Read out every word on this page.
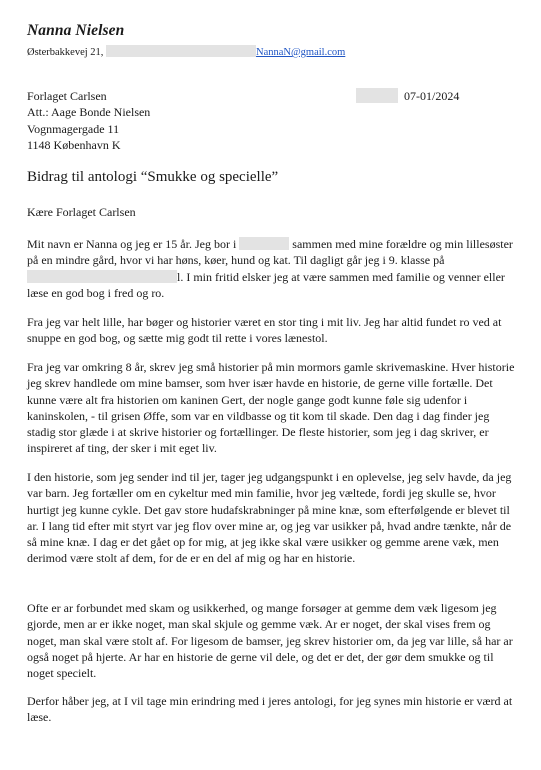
Nanna Nielsen
Østerbakkevej 21,	NannaN@gmail.com
Forlaget Carlsen
Att.: Aage Bonde Nielsen
Vognmagergade 11
1148 København K
07-01/2024
Bidrag til antologi “Smukke og specielle”
Kære Forlaget Carlsen

Mit navn er Nanna og jeg er 15 år. Jeg bor i	sammen med mine forældre og min lillesøster på en mindre gård, hvor vi har høns, køer, hund og kat. Til dagligt går jeg i 9. klasse på l. I min fritid elsker jeg at være sammen med familie og venner eller læse en god bog i fred og ro.

Fra jeg var helt lille, har bøger og historier været en stor ting i mit liv. Jeg har altid fundet ro ved at snuppe en god bog, og sætte mig godt til rette i vores lænestol.

Fra jeg var omkring 8 år, skrev jeg små historier på min mormors gamle skrivemaskine. Hver historie jeg skrev handlede om mine bamser, som hver især havde en historie, de gerne ville fortælle. Det kunne være alt fra historien om kaninen Gert, der nogle gange godt kunne føle sig udenfor i kaninskolen, - til grisen Øffe, som var en vildbasse og tit kom til skade. Den dag i dag finder jeg stadig stor glæde i at skrive historier og fortællinger. De fleste historier, som jeg i dag skriver, er inspireret af ting, der sker i mit eget liv.

I den historie, som jeg sender ind til jer, tager jeg udgangspunkt i en oplevelse, jeg selv havde, da jeg var barn. Jeg fortæller om en cykeltur med min familie, hvor jeg væltede, fordi jeg skulle se, hvor hurtigt jeg kunne cykle. Det gav store hudafskrabninger på mine knæ, som efterfølgende er blevet til ar. I lang tid efter mit styrt var jeg flov over mine ar, og jeg var usikker på, hvad andre tænkte, når de så mine knæ. I dag er det gået op for mig, at jeg ikke skal være usikker og gemme arene væk, men derimod være stolt af dem, for de er en del af mig og har en historie.

Ofte er ar forbundet med skam og usikkerhed, og mange forsøger at gemme dem væk ligesom jeg gjorde, men ar er ikke noget, man skal skjule og gemme væk. Ar er noget, der skal vises frem og noget, man skal være stolt af. For ligesom de bamser, jeg skrev historier om, da jeg var lille, så har ar også noget på hjerte. Ar har en historie de gerne vil dele, og det er det, der gør dem smukke og til noget specielt.

Derfor håber jeg, at I vil tage min erindring med i jeres antologi, for jeg synes min historie er værd at læse.
